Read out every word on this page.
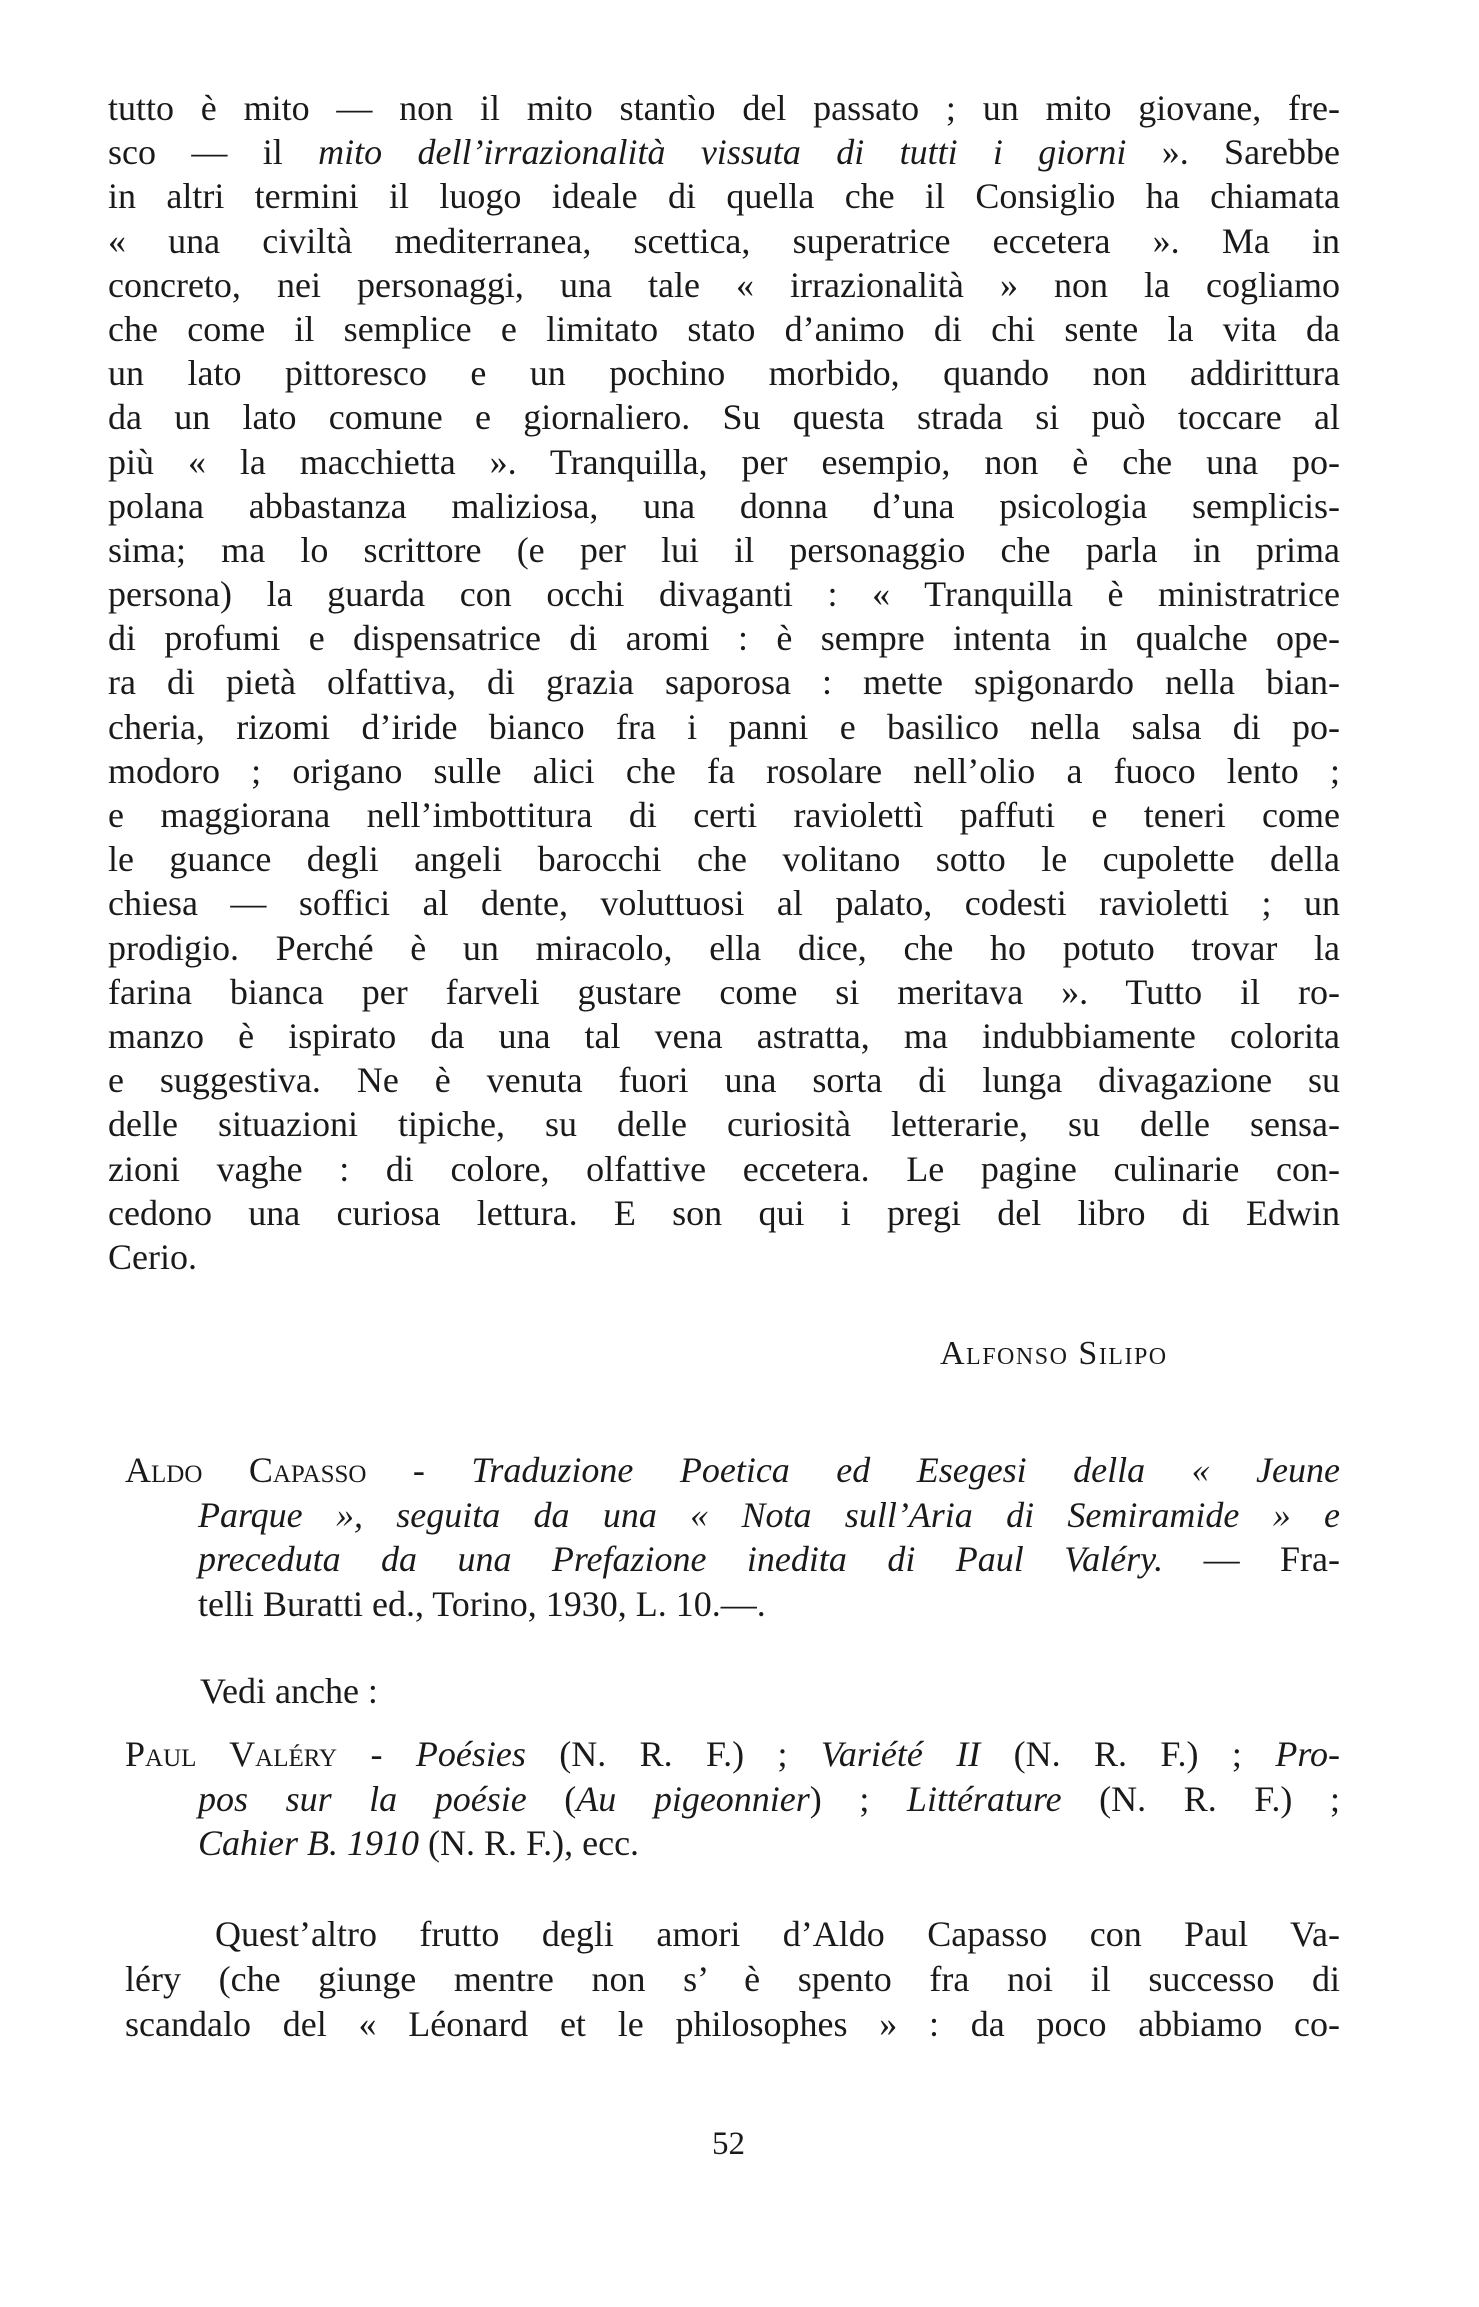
tutto è mito — non il mito stantìo del passato ; un mito giovane, fre-
sco — il mito dell’irrazionalità vissuta di tutti i giorni ». Sarebbe
in altri termini il luogo ideale di quella che il Consiglio ha chiamata
« una civiltà mediterranea, scettica, superatrice eccetera ». Ma in
concreto, nei personaggi, una tale « irrazionalità » non la cogliamo
che come il semplice e limitato stato d’animo di chi sente la vita da
un lato pittoresco e un pochino morbido, quando non addirittura
da un lato comune e giornaliero. Su questa strada si può toccare al
più « la macchietta ». Tranquilla, per esempio, non è che una po-
polana abbastanza maliziosa, una donna d’una psicologia semplicis-
sima; ma lo scrittore (e per lui il personaggio che parla in prima
persona) la guarda con occhi divaganti : « Tranquilla è ministratrice
di profumi e dispensatrice di aromi : è sempre intenta in qualche ope-
ra di pietà olfattiva, di grazia saporosa : mette spigonardo nella bian-
cheria, rizomi d’iride bianco fra i panni e basilico nella salsa di po-
modoro ; origano sulle alici che fa rosolare nell’olio a fuoco lento ;
e maggiorana nell’imbottitura di certi raviolettì paffuti e teneri come
le guance degli angeli barocchi che volitano sotto le cupolette della
chiesa — soffici al dente, voluttuosi al palato, codesti ravioletti ; un
prodigio. Perché è un miracolo, ella dice, che ho potuto trovar la
farina bianca per farveli gustare come si meritava ». Tutto il ro-
manzo è ispirato da una tal vena astratta, ma indubbiamente colorita
e suggestiva. Ne è venuta fuori una sorta di lunga divagazione su
delle situazioni tipiche, su delle curiosità letterarie, su delle sensa-
zioni vaghe : di colore, olfattive eccetera. Le pagine culinarie con-
cedono una curiosa lettura. E son qui i pregi del libro di Edwin
Cerio.
Alfonso Silipo
Aldo Capasso - Traduzione Poetica ed Esegesi della « Jeune
Parque », seguita da una « Nota sull’Aria di Semiramide » e
preceduta da una Prefazione inedita di Paul Valéry. — Fra-
telli Buratti ed., Torino, 1930, L. 10.—.
Vedi anche :
Paul Valéry - Poésies (N. R. F.) ; Variété II (N. R. F.) ; Pro-
pos sur la poésie (Au pigeonnier) ; Littérature (N. R. F.) ;
Cahier B. 1910 (N. R. F.), ecc.
Quest’altro frutto degli amori d’Aldo Capasso con Paul Va-
léry (che giunge mentre non s’ è spento fra noi il successo di
scandalo del « Léonard et le philosophes » : da poco abbiamo co-
52
